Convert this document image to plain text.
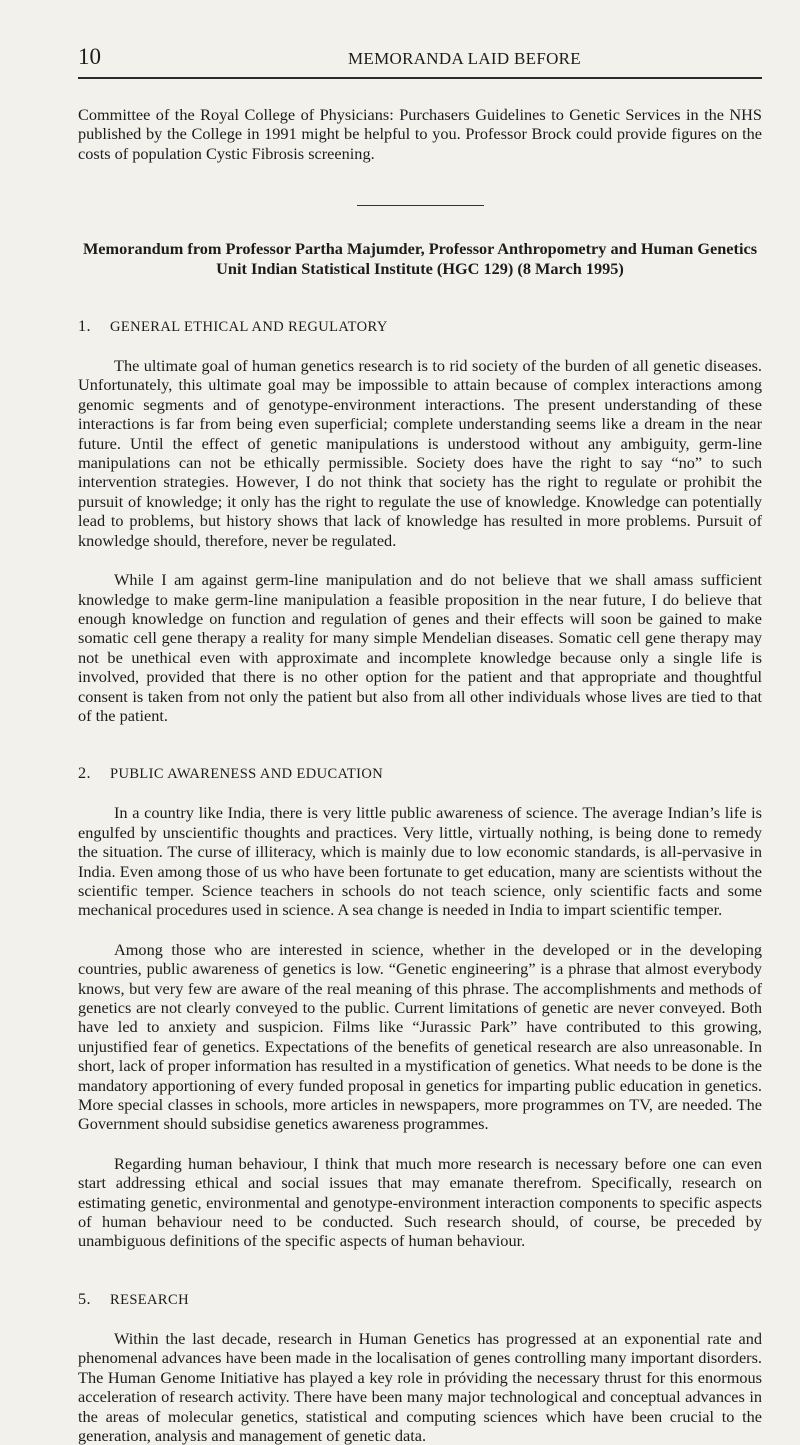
10	MEMORANDA LAID BEFORE

Committee of the Royal College of Physicians: Purchasers Guidelines to Genetic Services in the NHS published by the College in 1991 might be helpful to you. Professor Brock could provide figures on the costs of population Cystic Fibrosis screening.

Memorandum from Professor Partha Majumder, Professor Anthropometry and Human Genetics Unit Indian Statistical Institute (HGC 129) (8 March 1995)
1. GENERAL ETHICAL AND REGULATORY

The ultimate goal of human genetics research is to rid society of the burden of all genetic diseases. Unfortunately, this ultimate goal may be impossible to attain because of complex interactions among genomic segments and of genotype-environment interactions. The present understanding of these interactions is far from being even superficial; complete understanding seems like a dream in the near future. Until the effect of genetic manipulations is understood without any ambiguity, germ-line manipulations can not be ethically permissible. Society does have the right to say “no” to such intervention strategies. However, I do not think that society has the right to regulate or prohibit the pursuit of knowledge; it only has the right to regulate the use of knowledge. Knowledge can potentially lead to problems, but history shows that lack of knowledge has resulted in more problems. Pursuit of knowledge should, therefore, never be regulated.

While I am against germ-line manipulation and do not believe that we shall amass sufficient knowledge to make germ-line manipulation a feasible proposition in the near future, I do believe that enough knowledge on function and regulation of genes and their effects will soon be gained to make somatic cell gene therapy a reality for many simple Mendelian diseases. Somatic cell gene therapy may not be unethical even with approximate and incomplete knowledge because only a single life is involved, provided that there is no other option for the patient and that appropriate and thoughtful consent is taken from not only the patient but also from all other individuals whose lives are tied to that of the patient.

2. PUBLIC AWARENESS AND EDUCATION

In a country like India, there is very little public awareness of science. The average Indian’s life is engulfed by unscientific thoughts and practices. Very little, virtually nothing, is being done to remedy the situation. The curse of illiteracy, which is mainly due to low economic standards, is all-pervasive in India. Even among those of us who have been fortunate to get education, many are scientists without the scientific temper. Science teachers in schools do not teach science, only scientific facts and some mechanical procedures used in science. A sea change is needed in India to impart scientific temper.

Among those who are interested in science, whether in the developed or in the developing countries, public awareness of genetics is low. “Genetic engineering” is a phrase that almost everybody knows, but very few are aware of the real meaning of this phrase. The accomplishments and methods of genetics are not clearly conveyed to the public. Current limitations of genetic are never conveyed. Both have led to anxiety and suspicion. Films like “Jurassic Park” have contributed to this growing, unjustified fear of genetics. Expectations of the benefits of genetical research are also unreasonable. In short, lack of proper information has resulted in a mystification of genetics. What needs to be done is the mandatory apportioning of every funded proposal in genetics for imparting public education in genetics. More special classes in schools, more articles in newspapers, more programmes on TV, are needed. The Government should subsidise genetics awareness programmes.

Regarding human behaviour, I think that much more research is necessary before one can even start addressing ethical and social issues that may emanate therefrom. Specifically, research on estimating genetic, environmental and genotype-environment interaction components to specific aspects of human behaviour need to be conducted. Such research should, of course, be preceded by unambiguous definitions of the specific aspects of human behaviour.

5. RESEARCH

Within the last decade, research in Human Genetics has progressed at an exponential rate and phenomenal advances have been made in the localisation of genes controlling many important disorders. The Human Genome Initiative has played a key role in próviding the necessary thrust for this enormous acceleration of research activity. There have been many major technological and conceptual advances in the areas of molecular genetics, statistical and computing sciences which have been crucial to the generation, analysis and management of genetic data.
